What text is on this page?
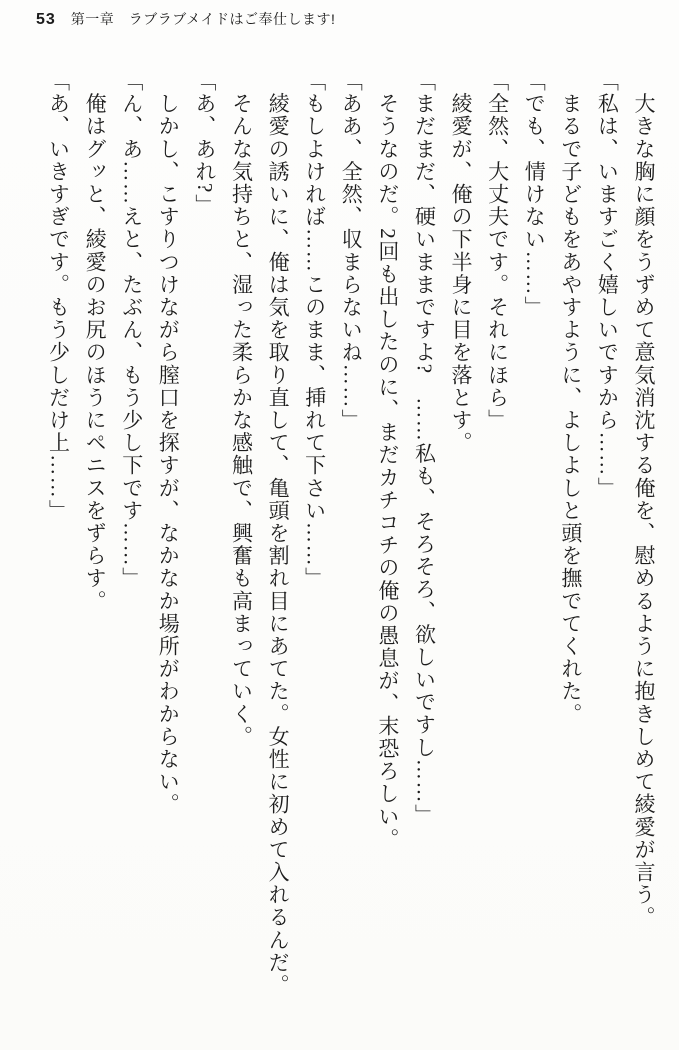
53 第一章　ラブラブメイドはご奉仕します!

　大きな胸に顔をうずめて意気消沈する俺を、慰めるように抱きしめて綾愛が言う。

「私は、いますごく嬉しいですから……」

　まるで子どもをあやすように、よしよしと頭を撫でてくれた。

「でも、情けない……」

「全然、大丈夫です。それにほら」

　綾愛が、俺の下半身に目を落とす。

「まだまだ、硬いままですよ?　……私も、そろそろ、欲しいですし……」

　そうなのだ。2回も出したのに、まだカチコチの俺の愚息が、末恐ろしい。

「ああ、全然、収まらないね……」

「もしよければ……このまま、挿れて下さい……」

　綾愛の誘いに、俺は気を取り直して、亀頭を割れ目にあてた。女性に初めて入れるんだ。

　そんな気持ちと、湿った柔らかな感触で、興奮も高まっていく。

「あ、あれ?」

　しかし、こすりつけながら膣口を探すが、なかなか場所がわからない。

「ん、あ……えと、たぶん、もう少し下です……」

　俺はグッと、綾愛のお尻のほうにペニスをずらす。

「あ、いきすぎです。もう少しだけ上……」
